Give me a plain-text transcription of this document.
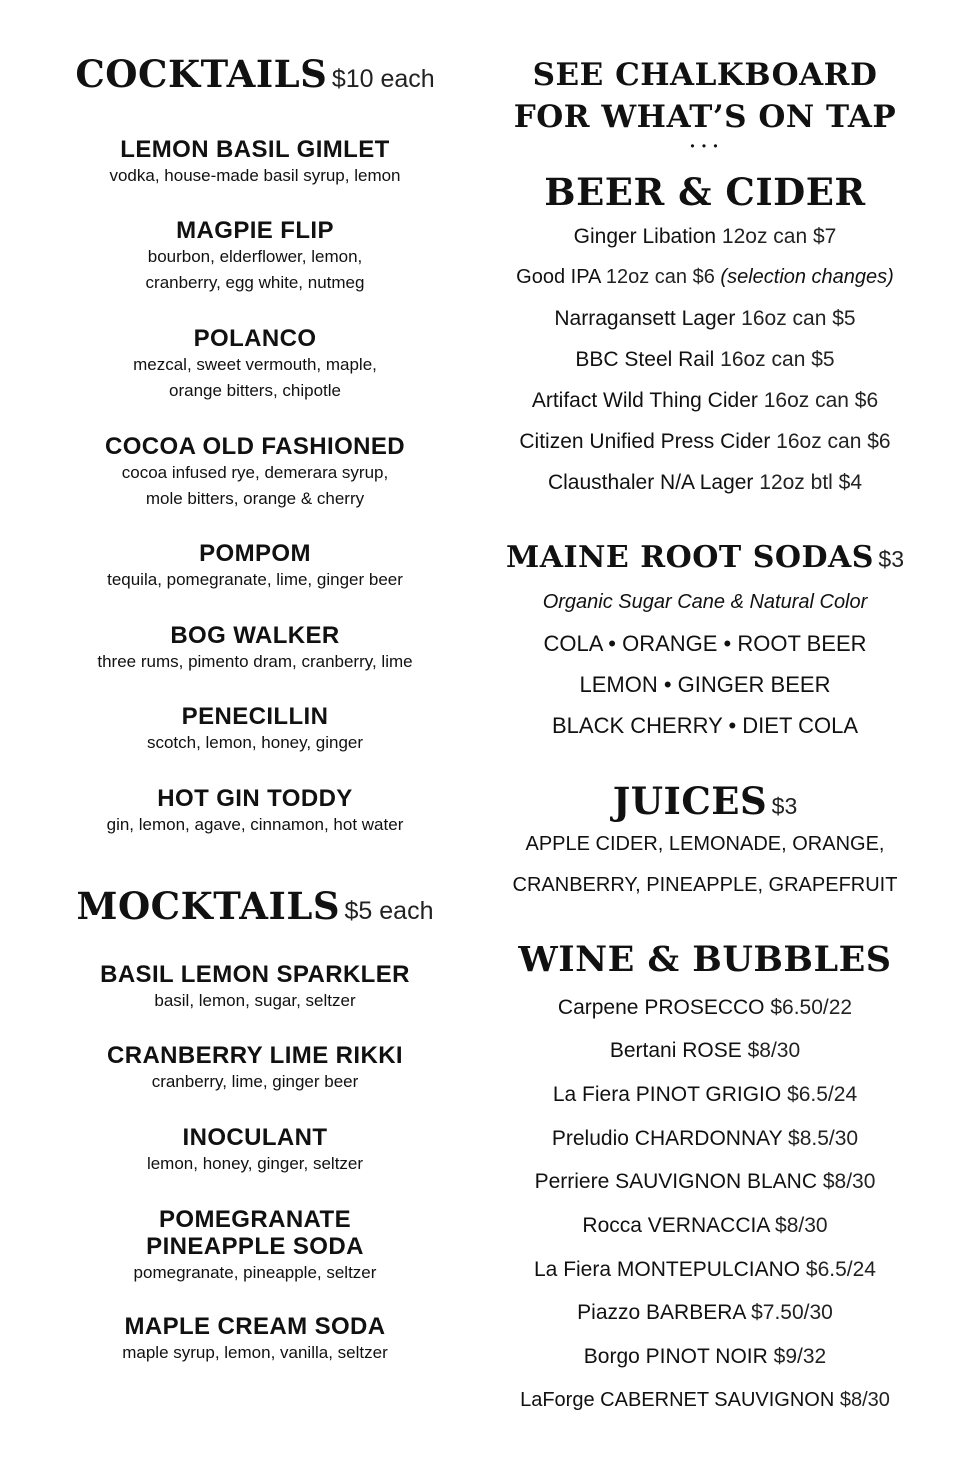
COCKTAILS $10 each
LEMON BASIL GIMLET
vodka, house-made basil syrup, lemon
MAGPIE FLIP
bourbon, elderflower, lemon,
cranberry, egg white, nutmeg
POLANCO
mezcal, sweet vermouth, maple,
orange bitters, chipotle
COCOA OLD FASHIONED
cocoa infused rye, demerara syrup,
mole bitters, orange & cherry
POMPOM
tequila, pomegranate, lime, ginger beer
BOG WALKER
three rums, pimento dram, cranberry, lime
PENECILLIN
scotch, lemon, honey, ginger
HOT GIN TODDY
gin, lemon, agave, cinnamon, hot water
MOCKTAILS $5 each
BASIL LEMON SPARKLER
basil, lemon, sugar, seltzer
CRANBERRY LIME RIKKI
cranberry, lime, ginger beer
INOCULANT
lemon, honey, ginger, seltzer
POMEGRANATE
PINEAPPLE SODA
pomegranate, pineapple, seltzer
MAPLE CREAM SODA
maple syrup, lemon, vanilla, seltzer
SEE CHALKBOARD
FOR WHAT’S ON TAP
• • •
BEER & CIDER
Ginger Libation 12oz can $7
Good IPA 12oz can $6 (selection changes)
Narragansett Lager 16oz can $5
BBC Steel Rail 16oz can $5
Artifact Wild Thing Cider 16oz can $6
Citizen Unified Press Cider 16oz can $6
Clausthaler N/A Lager 12oz btl $4
MAINE ROOT SODAS $3
Organic Sugar Cane & Natural Color
COLA • ORANGE • ROOT BEER
LEMON • GINGER BEER
BLACK CHERRY • DIET COLA
JUICES $3
APPLE CIDER, LEMONADE, ORANGE,
CRANBERRY, PINEAPPLE, GRAPEFRUIT
WINE & BUBBLES
Carpene PROSECCO $6.50/22
Bertani ROSE $8/30
La Fiera PINOT GRIGIO $6.5/24
Preludio CHARDONNAY $8.5/30
Perriere SAUVIGNON BLANC $8/30
Rocca VERNACCIA $8/30
La Fiera MONTEPULCIANO $6.5/24
Piazzo BARBERA $7.50/30
Borgo PINOT NOIR $9/32
LaForge CABERNET SAUVIGNON $8/30
